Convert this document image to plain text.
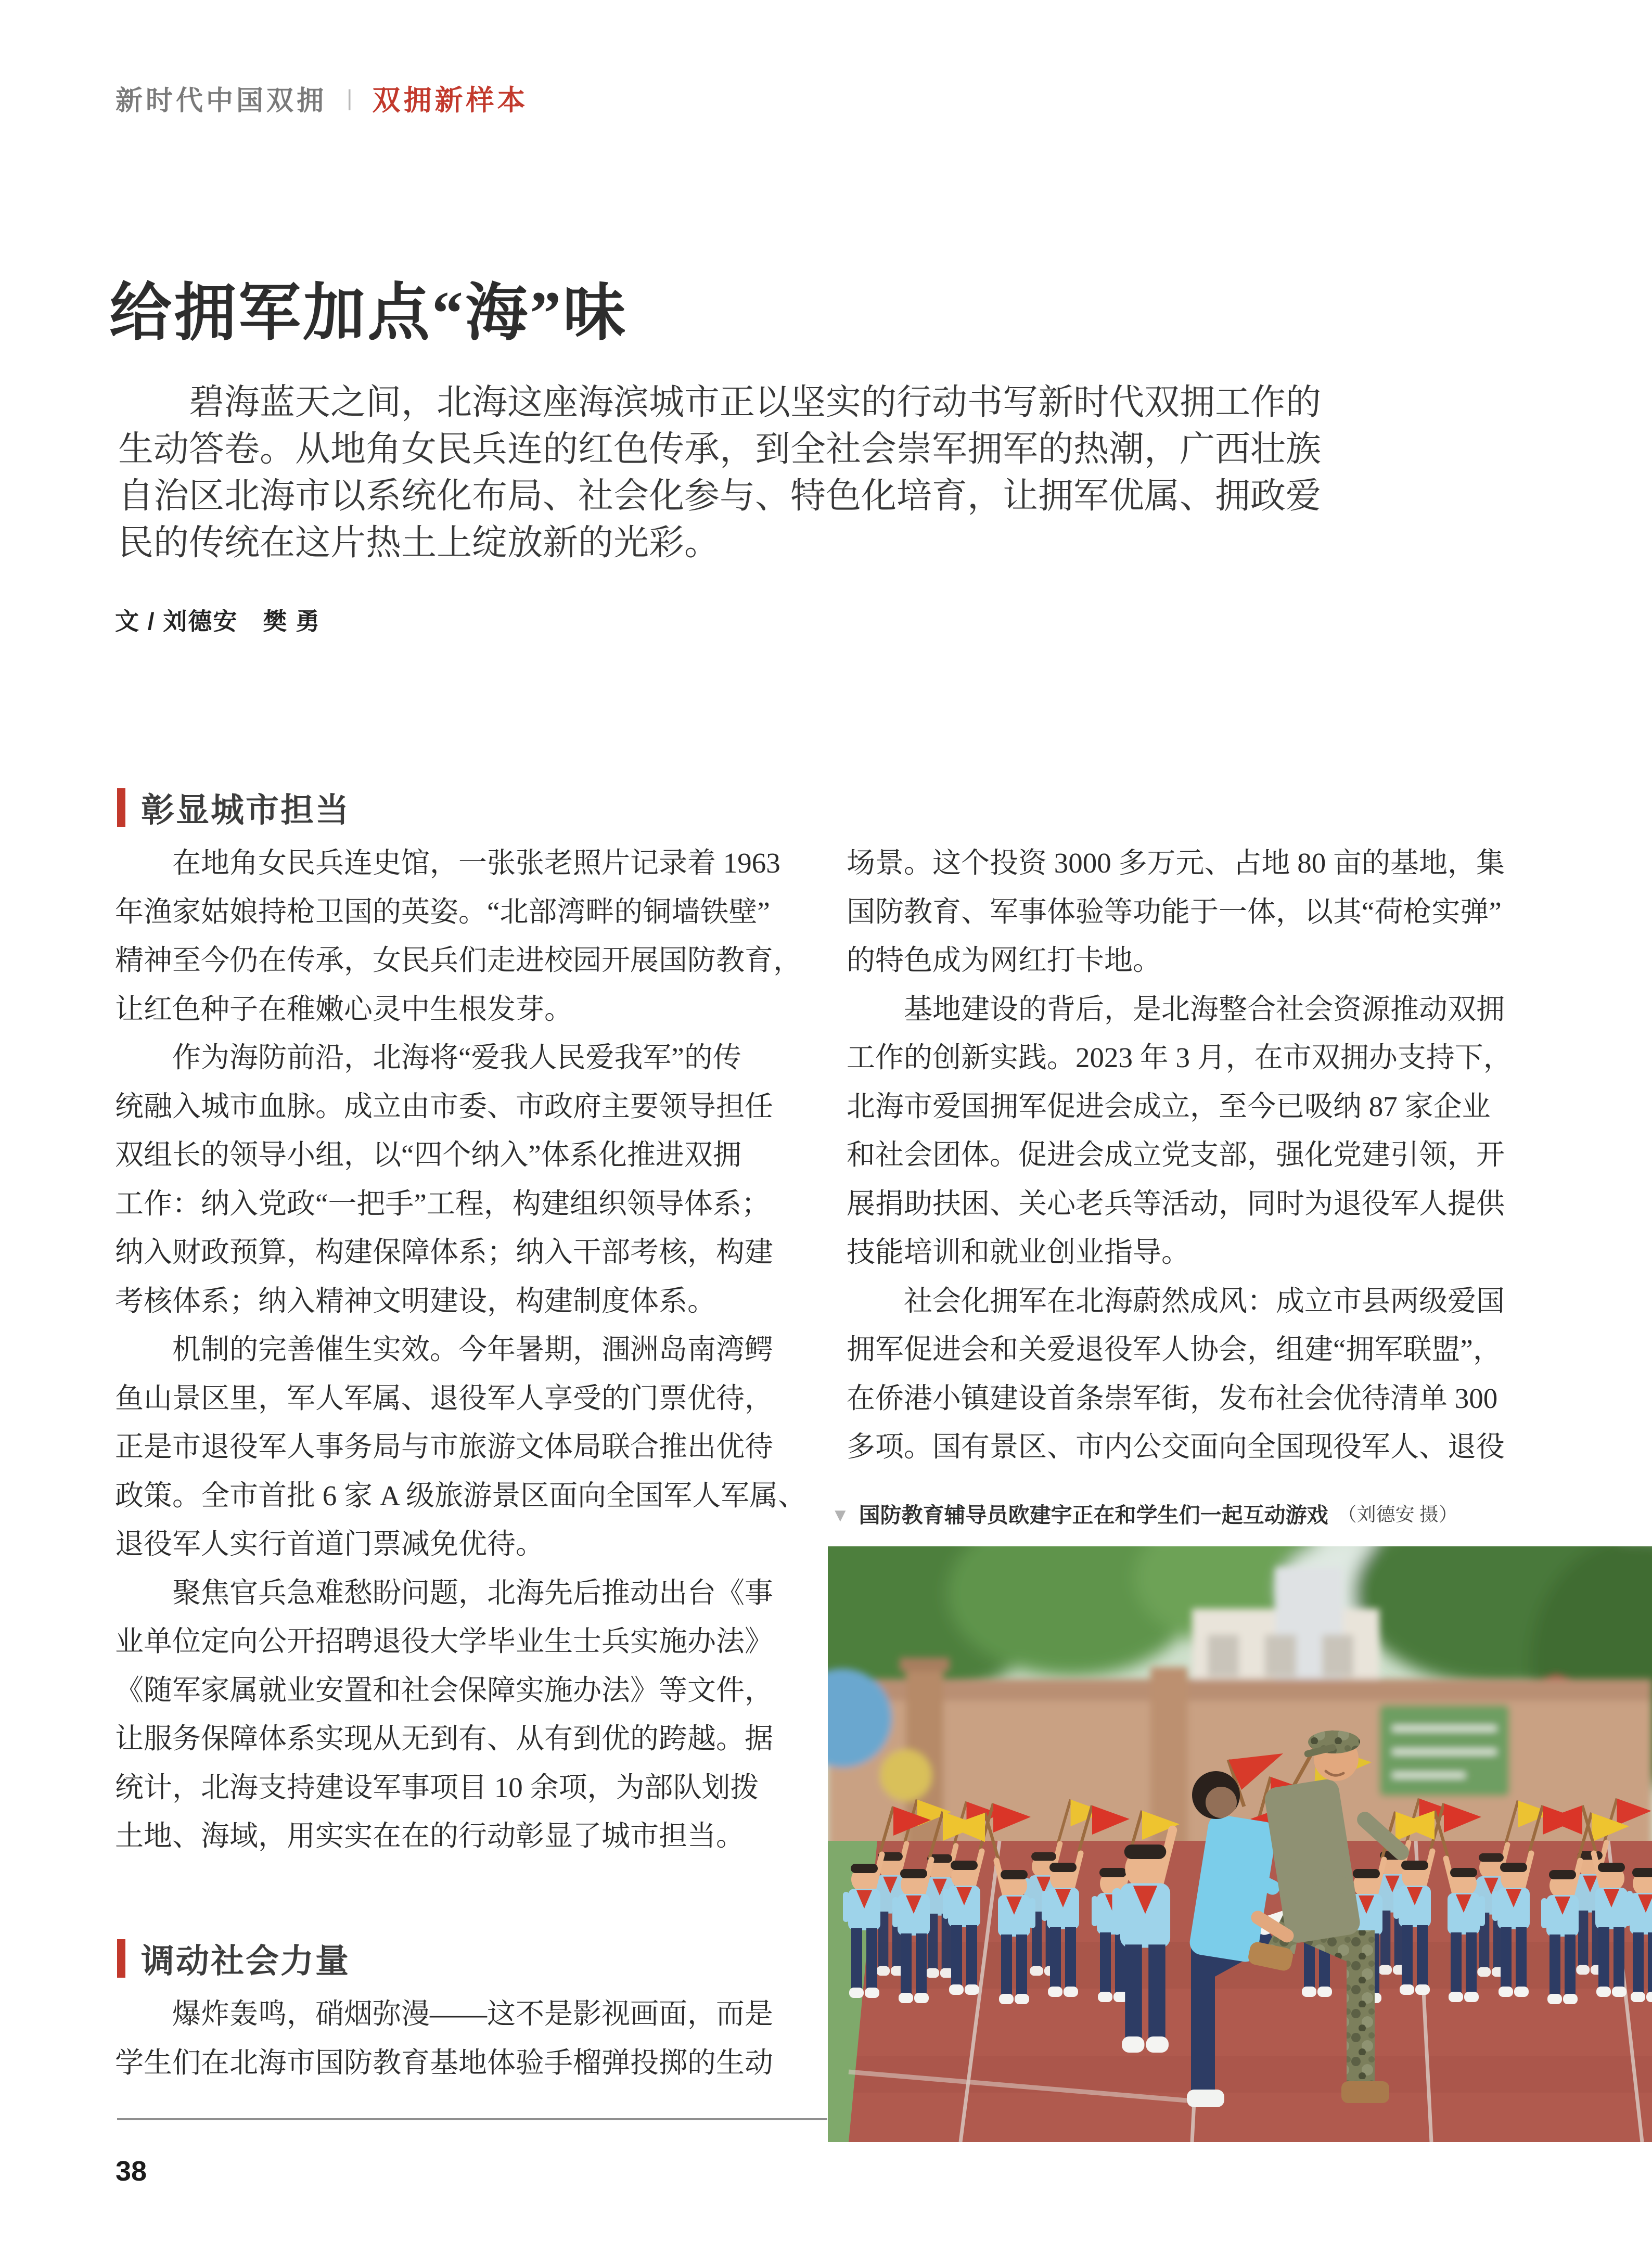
新时代中国双拥 | 双拥新样本
给拥军加点“海”味
　　碧海蓝天之间，北海这座海滨城市正以坚实的行动书写新时代双拥工作的
生动答卷。从地角女民兵连的红色传承，到全社会崇军拥军的热潮，广西壮族
自治区北海市以系统化布局、社会化参与、特色化培育，让拥军优属、拥政爱
民的传统在这片热土上绽放新的光彩。
文 / 刘德安　樊 勇
彰显城市担当
　　在地角女民兵连史馆，一张张老照片记录着 1963
年渔家姑娘持枪卫国的英姿。“北部湾畔的铜墙铁壁”
精神至今仍在传承，女民兵们走进校园开展国防教育，
让红色种子在稚嫩心灵中生根发芽。
　　作为海防前沿，北海将“爱我人民爱我军”的传
统融入城市血脉。成立由市委、市政府主要领导担任
双组长的领导小组，以“四个纳入”体系化推进双拥
工作：纳入党政“一把手”工程，构建组织领导体系；
纳入财政预算，构建保障体系；纳入干部考核，构建
考核体系；纳入精神文明建设，构建制度体系。
　　机制的完善催生实效。今年暑期，涠洲岛南湾鳄
鱼山景区里，军人军属、退役军人享受的门票优待，
正是市退役军人事务局与市旅游文体局联合推出优待
政策。全市首批 6 家 A 级旅游景区面向全国军人军属、
退役军人实行首道门票减免优待。
　　聚焦官兵急难愁盼问题，北海先后推动出台《事
业单位定向公开招聘退役大学毕业生士兵实施办法》
《随军家属就业安置和社会保障实施办法》等文件，
让服务保障体系实现从无到有、从有到优的跨越。据
统计，北海支持建设军事项目 10 余项，为部队划拨
土地、海域，用实实在在的行动彰显了城市担当。
调动社会力量
　　爆炸轰鸣，硝烟弥漫——这不是影视画面，而是
学生们在北海市国防教育基地体验手榴弹投掷的生动
场景。这个投资 3000 多万元、占地 80 亩的基地，集
国防教育、军事体验等功能于一体，以其“荷枪实弹”
的特色成为网红打卡地。
　　基地建设的背后，是北海整合社会资源推动双拥
工作的创新实践。2023 年 3 月，在市双拥办支持下，
北海市爱国拥军促进会成立，至今已吸纳 87 家企业
和社会团体。促进会成立党支部，强化党建引领，开
展捐助扶困、关心老兵等活动，同时为退役军人提供
技能培训和就业创业指导。
　　社会化拥军在北海蔚然成风：成立市县两级爱国
拥军促进会和关爱退役军人协会，组建“拥军联盟”，
在侨港小镇建设首条崇军街，发布社会优待清单 300
多项。国有景区、市内公交面向全国现役军人、退役
▼ 国防教育辅导员欧建宇正在和学生们一起互动游戏 （刘德安 摄）
38
